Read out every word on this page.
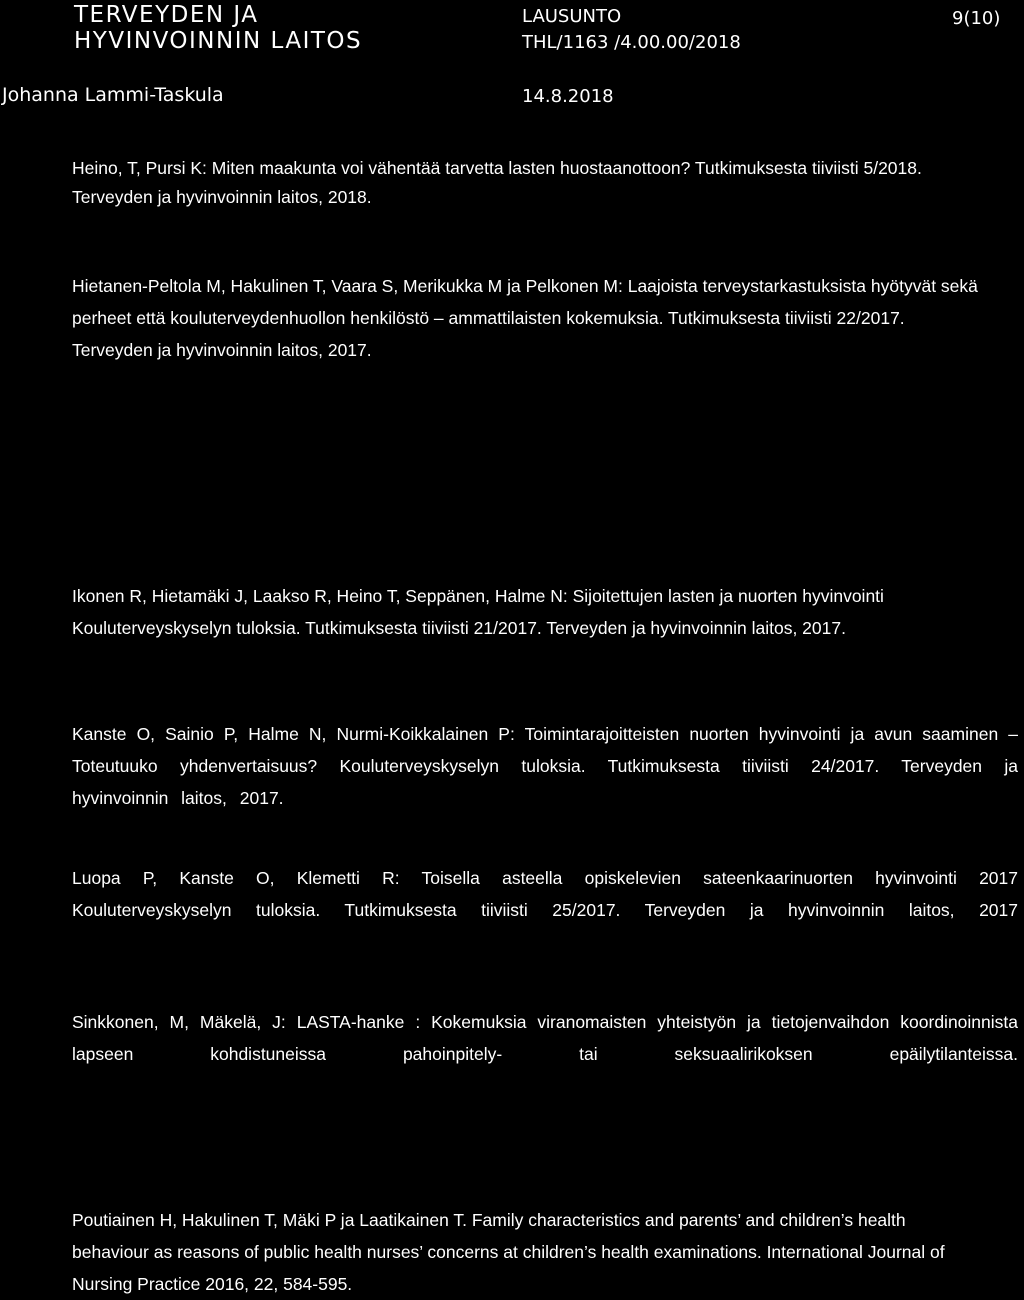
TERVEYDEN JA
HYVINVOINNIN LAITOS
Johanna Lammi-Taskula
LAUSUNTO
THL/1163 /4.00.00/2018
14.8.2018
9(10)
Heino, T, Pursi K: Miten maakunta voi vähentää tarvetta lasten huostaanottoon? Tutkimuksesta tiiviisti 5/2018.
Terveyden ja hyvinvoinnin laitos, 2018.
Hietanen-Peltola M, Hakulinen T, Vaara S, Merikukka M ja Pelkonen M: Laajoista terveystarkastuksista hyötyvät sekä
perheet että kouluterveydenhuollon henkilöstö – ammattilaisten kokemuksia. Tutkimuksesta tiiviisti 22/2017.
Terveyden ja hyvinvoinnin laitos, 2017.
Ikonen R, Hietamäki J, Laakso R, Heino T, Seppänen, Halme N: Sijoitettujen lasten ja nuorten hyvinvointi
Kouluterveyskyselyn tuloksia. Tutkimuksesta tiiviisti 21/2017. Terveyden ja hyvinvoinnin laitos, 2017.
Kanste O, Sainio P, Halme N, Nurmi-Koikkalainen P: Toimintarajoitteisten nuorten hyvinvointi ja avun saaminen –
Toteutuuko yhdenvertaisuus? Kouluterveyskyselyn tuloksia. Tutkimuksesta tiiviisti 24/2017. Terveyden ja
hyvinvoinnin laitos, 2017.
Luopa P, Kanste O, Klemetti R: Toisella asteella opiskelevien sateenkaarinuorten hyvinvointi 2017
Kouluterveyskyselyn tuloksia. Tutkimuksesta tiiviisti 25/2017. Terveyden ja hyvinvoinnin laitos, 2017
Sinkkonen, M, Mäkelä, J: LASTA-hanke : Kokemuksia viranomaisten yhteistyön ja tietojenvaihdon koordinoinnista
lapseen kohdistuneissa pahoinpitely- tai seksuaalirikoksen epäilytilanteissa.
Poutiainen H, Hakulinen T, Mäki P ja Laatikainen T. Family characteristics and parents’ and children’s health
behaviour as reasons of public health nurses’ concerns at children’s health examinations. International Journal of
Nursing Practice 2016, 22, 584-595.
